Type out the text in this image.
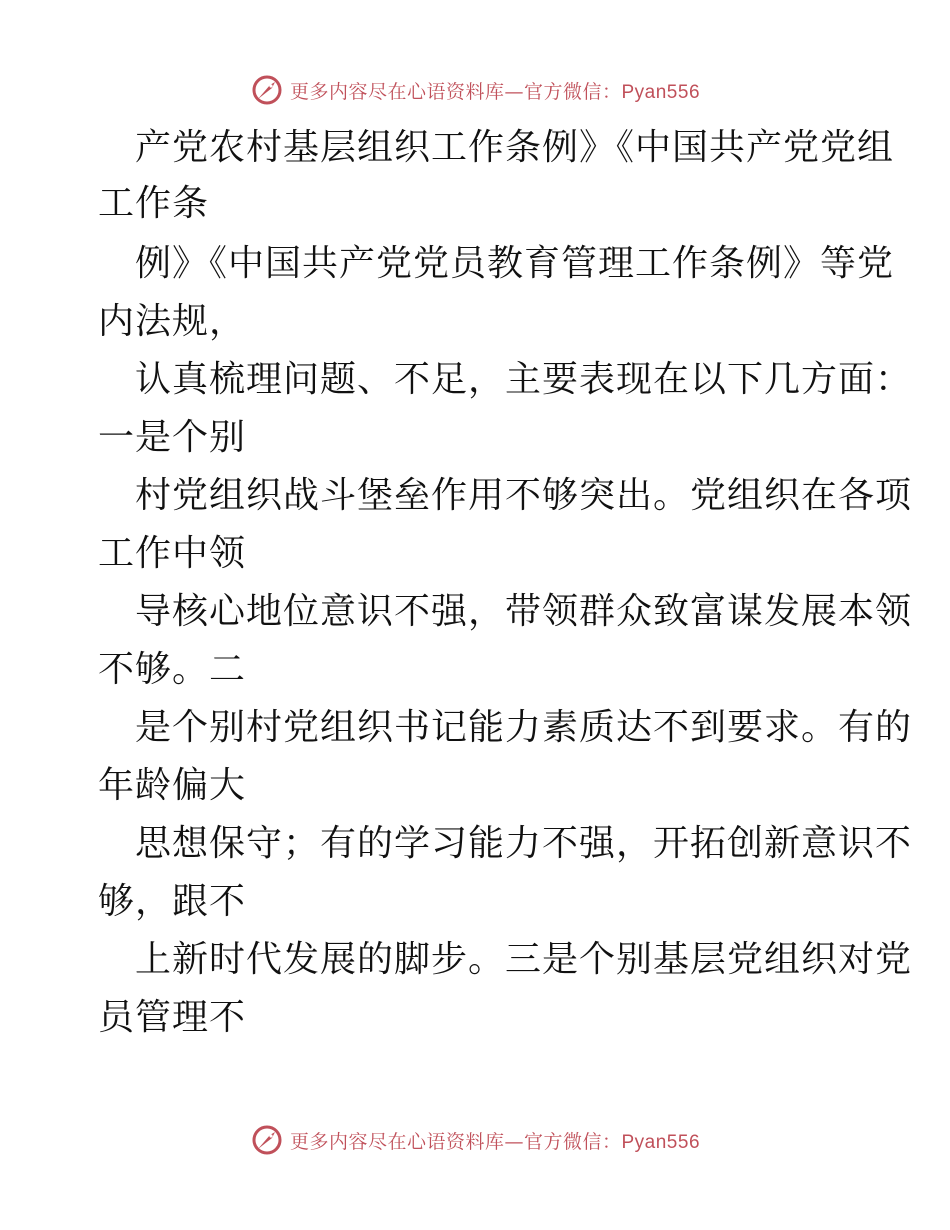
更多内容尽在心语资料库—官方微信：Pyan556
产党农村基层组织工作条例》《中国共产党党组
工作条
例》《中国共产党党员教育管理工作条例》等党
内法规，
认真梳理问题、不足，主要表现在以下几方面：
一是个别
村党组织战斗堡垒作用不够突出。党组织在各项
工作中领
导核心地位意识不强，带领群众致富谋发展本领
不够。二
是个别村党组织书记能力素质达不到要求。有的
年龄偏大
思想保守；有的学习能力不强，开拓创新意识不
够，跟不
上新时代发展的脚步。三是个别基层党组织对党
员管理不
更多内容尽在心语资料库—官方微信：Pyan556
